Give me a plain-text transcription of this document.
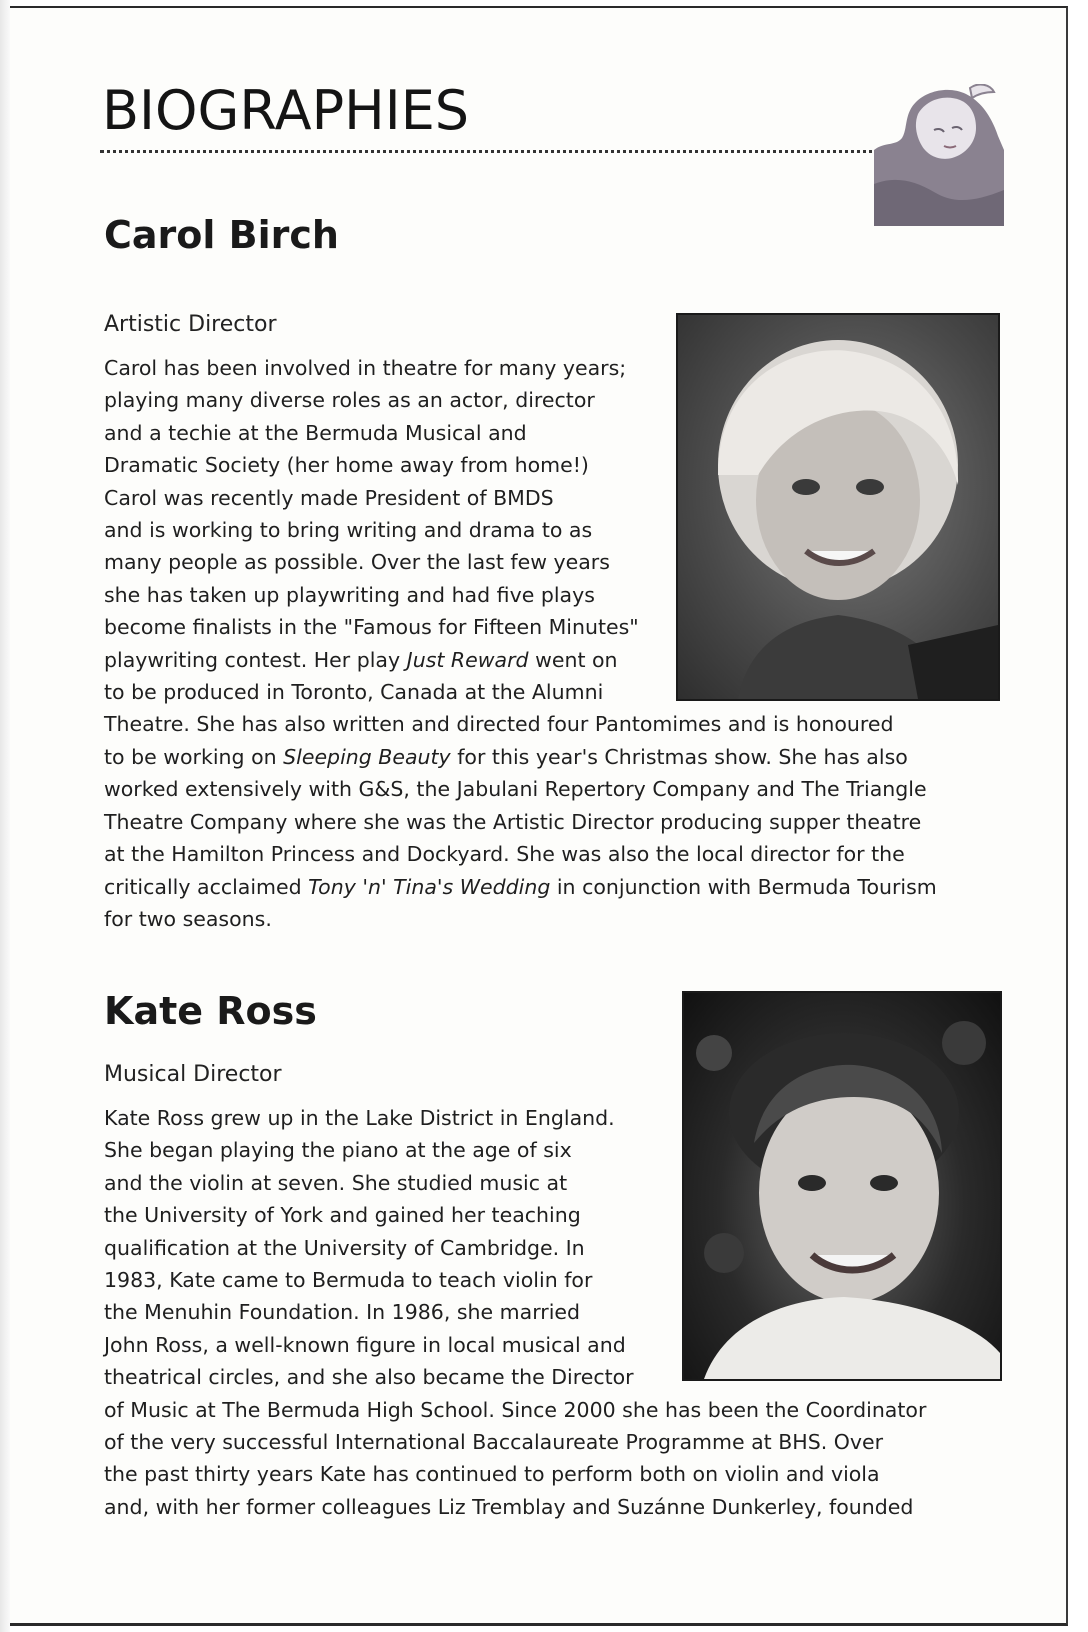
BIOGRAPHIES
Carol Birch

Artistic Director

Carol has been involved in theatre for many years;
playing many diverse roles as an actor, director
and a techie at the Bermuda Musical and
Dramatic Society (her home away from home!)
Carol was recently made President of BMDS
and is working to bring writing and drama to as
many people as possible. Over the last few years
she has taken up playwriting and had five plays
become finalists in the "Famous for Fifteen Minutes"
playwriting contest. Her play Just Reward went on
to be produced in Toronto, Canada at the Alumni
Theatre. She has also written and directed four Pantomimes and is honoured
to be working on Sleeping Beauty for this year's Christmas show. She has also
worked extensively with G&S, the Jabulani Repertory Company and The Triangle
Theatre Company where she was the Artistic Director producing supper theatre
at the Hamilton Princess and Dockyard. She was also the local director for the
critically acclaimed Tony 'n' Tina's Wedding in conjunction with Bermuda Tourism
for two seasons.
Kate Ross

Musical Director

Kate Ross grew up in the Lake District in England.
She began playing the piano at the age of six
and the violin at seven. She studied music at
the University of York and gained her teaching
qualification at the University of Cambridge. In
1983, Kate came to Bermuda to teach violin for
the Menuhin Foundation. In 1986, she married
John Ross, a well-known figure in local musical and
theatrical circles, and she also became the Director
of Music at The Bermuda High School. Since 2000 she has been the Coordinator
of the very successful International Baccalaureate Programme at BHS. Over
the past thirty years Kate has continued to perform both on violin and viola
and, with her former colleagues Liz Tremblay and Suzánne Dunkerley, founded
